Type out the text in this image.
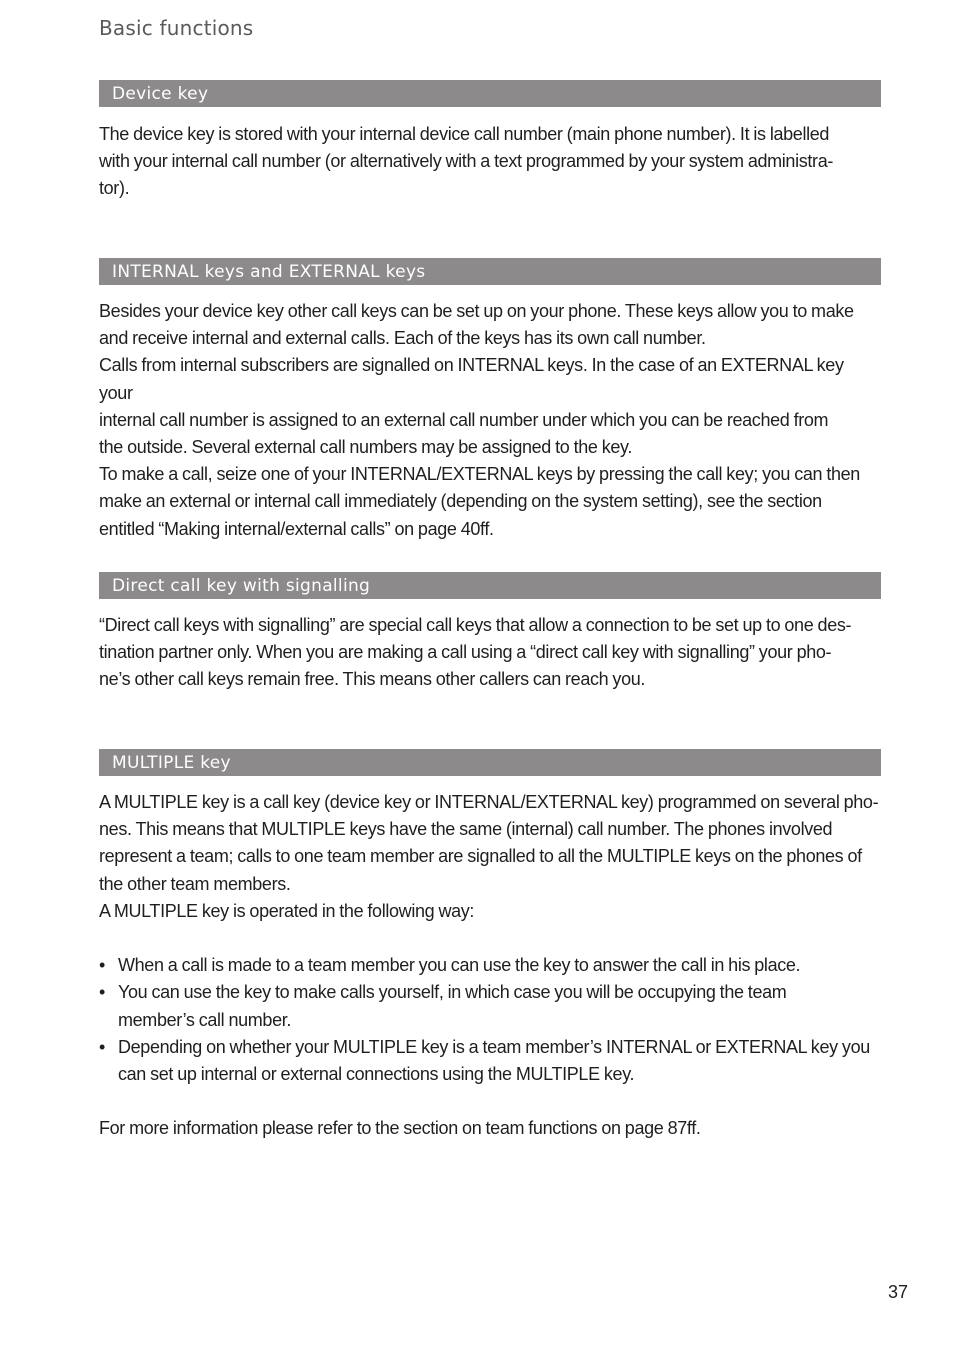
Basic functions
Device key

The device key is stored with your internal device call number (main phone number). It is labelled
with your internal call number (or alternatively with a text programmed by your system administra-
tor).

INTERNAL keys and EXTERNAL keys

Besides your device key other call keys can be set up on your phone. These keys allow you to make
and receive internal and external calls. Each of the keys has its own call number.

Calls from internal subscribers are signalled on INTERNAL keys. In the case of an EXTERNAL key your
internal call number is assigned to an external call number under which you can be reached from
the outside. Several external call numbers may be assigned to the key.

To make a call, seize one of your INTERNAL/EXTERNAL keys by pressing the call key; you can then
make an external or internal call immediately (depending on the system setting), see the section
entitled “Making internal/external calls” on page 40ff.

Direct call key with signalling

“Direct call keys with signalling” are special call keys that allow a connection to be set up to one des-
tination partner only. When you are making a call using a “direct call key with signalling” your pho-
ne’s other call keys remain free. This means other callers can reach you.

MULTIPLE key

A MULTIPLE key is a call key (device key or INTERNAL/EXTERNAL key) programmed on several pho-
nes. This means that MULTIPLE keys have the same (internal) call number. The phones involved
represent a team; calls to one team member are signalled to all the MULTIPLE keys on the phones of
the other team members.

A MULTIPLE key is operated in the following way:

• When a call is made to a team member you can use the key to answer the call in his place.
• You can use the key to make calls yourself, in which case you will be occupying the team
member’s call number.
• Depending on whether your MULTIPLE key is a team member’s INTERNAL or EXTERNAL key you
can set up internal or external connections using the MULTIPLE key.

For more information please refer to the section on team functions on page 87ff.

37
